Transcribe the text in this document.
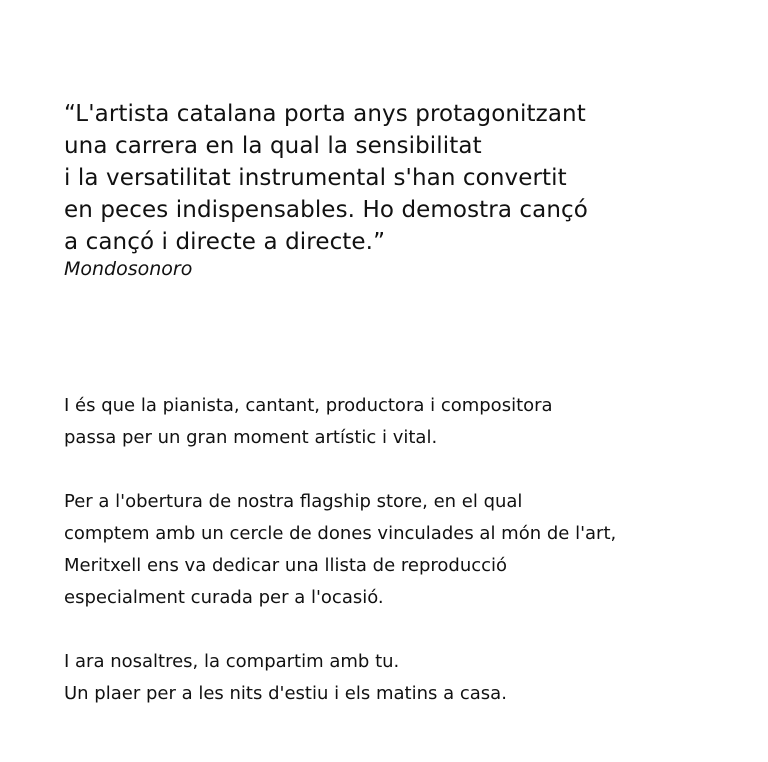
“L'artista catalana porta anys protagonitzant
una carrera en la qual la sensibilitat
i la versatilitat instrumental s'han convertit
en peces indispensables. Ho demostra cançó
a cançó i directe a directe.”
Mondosonoro
I és que la pianista, cantant, productora i compositora
passa per un gran moment artístic i vital.
Per a l'obertura de nostra flagship store, en el qual
comptem amb un cercle de dones vinculades al món de l'art,
Meritxell ens va dedicar una llista de reproducció
especialment curada per a l'ocasió.
I ara nosaltres, la compartim amb tu.
Un plaer per a les nits d'estiu i els matins a casa.
